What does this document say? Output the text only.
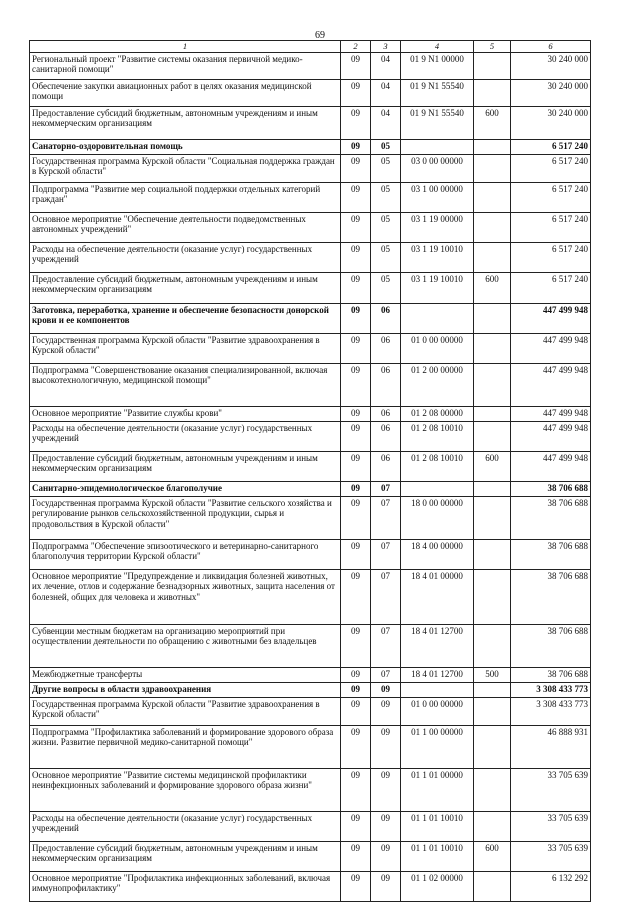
69
1	2	3	4	5	6
Региональный проект "Развитие системы оказания первичной медико-санитарной помощи"	09	04	01 9 N1 00000		30 240 000
Обеспечение закупки авиационных работ в целях оказания медицинской помощи	09	04	01 9 N1 55540		30 240 000
Предоставление субсидий бюджетным, автономным учреждениям и иным некоммерческим организациям	09	04	01 9 N1 55540	600	30 240 000
Санаторно-оздоровительная помощь	09	05			6 517 240
Государственная программа Курской области "Социальная поддержка граждан в Курской области"	09	05	03 0 00 00000		6 517 240
Подпрограмма "Развитие мер социальной поддержки отдельных категорий граждан"	09	05	03 1 00 00000		6 517 240
Основное мероприятие "Обеспечение деятельности подведомственных автономных учреждений"	09	05	03 1 19 00000		6 517 240
Расходы на обеспечение деятельности (оказание услуг) государственных учреждений	09	05	03 1 19 10010		6 517 240
Предоставление субсидий бюджетным, автономным учреждениям и иным некоммерческим организациям	09	05	03 1 19 10010	600	6 517 240
Заготовка, переработка, хранение и обеспечение безопасности донорской крови и ее компонентов	09	06			447 499 948
Государственная программа Курской области "Развитие здравоохранения в Курской области"	09	06	01 0 00 00000		447 499 948
Подпрограмма "Совершенствование оказания специализированной, включая высокотехнологичную, медицинской помощи"	09	06	01 2 00 00000		447 499 948
Основное мероприятие "Развитие службы крови"	09	06	01 2 08 00000		447 499 948
Расходы на обеспечение деятельности (оказание услуг) государственных учреждений	09	06	01 2 08 10010		447 499 948
Предоставление субсидий бюджетным, автономным учреждениям и иным некоммерческим организациям	09	06	01 2 08 10010	600	447 499 948
Санитарно-эпидемиологическое благополучие	09	07			38 706 688
Государственная программа Курской области "Развитие сельского хозяйства и регулирование рынков сельскохозяйственной продукции, сырья и продовольствия в Курской области"	09	07	18 0 00 00000		38 706 688
Подпрограмма "Обеспечение эпизоотического и ветеринарно-санитарного благополучия территории Курской области"	09	07	18 4 00 00000		38 706 688
Основное мероприятие "Предупреждение и ликвидация болезней животных, их лечение, отлов и содержание безнадзорных животных, защита населения от болезней, общих для человека и животных"	09	07	18 4 01 00000		38 706 688
Субвенции местным бюджетам на организацию мероприятий при осуществлении деятельности по обращению с животными без владельцев	09	07	18 4 01 12700		38 706 688
Межбюджетные трансферты	09	07	18 4 01 12700	500	38 706 688
Другие вопросы в области здравоохранения	09	09			3 308 433 773
Государственная программа Курской области "Развитие здравоохранения в Курской области"	09	09	01 0 00 00000		3 308 433 773
Подпрограмма "Профилактика заболеваний и формирование здорового образа жизни. Развитие первичной медико-санитарной помощи"	09	09	01 1 00 00000		46 888 931
Основное мероприятие "Развитие системы медицинской профилактики неинфекционных заболеваний и формирование здорового образа жизни"	09	09	01 1 01 00000		33 705 639
Расходы на обеспечение деятельности (оказание услуг) государственных учреждений	09	09	01 1 01 10010		33 705 639
Предоставление субсидий бюджетным, автономным учреждениям и иным некоммерческим организациям	09	09	01 1 01 10010	600	33 705 639
Основное мероприятие "Профилактика инфекционных заболеваний, включая иммунопрофилактику"	09	09	01 1 02 00000		6 132 292
